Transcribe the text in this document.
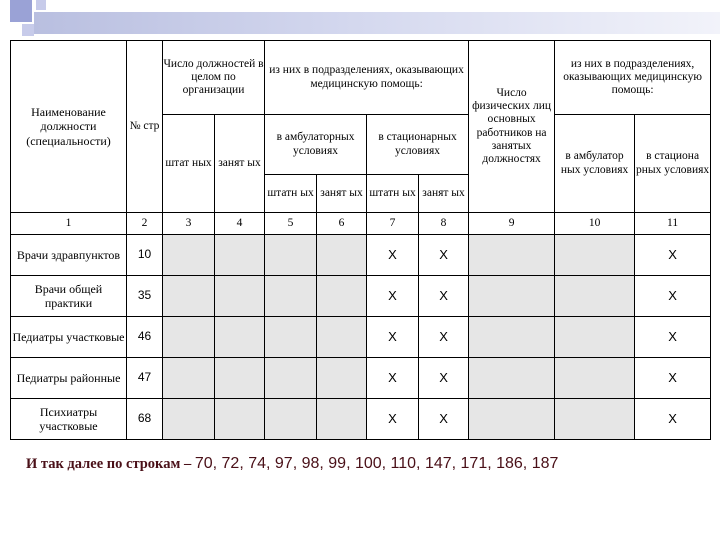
Наименование должности (специальности)	№ стр	Число должностей в целом по организации		из них в подразделениях, оказывающих медицинскую помощь:				Число физических лиц основных работников на занятых должностях	из них в подразделениях, оказывающих медицинскую помощь:	
		штат ных	занят ых	в амбулаторных условиях		в стационарных условиях			в амбулатор ных условиях	в стациона рных условиях
				штатн ых	занят ых	штатн ых	занят ых			
1	2	3	4	5	6	7	8	9	10	11
Врачи здравпунктов	10					X	X			X
Врачи общей практики	35					X	X			X
Педиатры участковые	46					X	X			X
Педиатры районные	47					X	X			X
Психиатры участковые	68					X	X			X
И так далее по строкам – 70, 72, 74, 97, 98, 99, 100, 110, 147, 171, 186, 187
